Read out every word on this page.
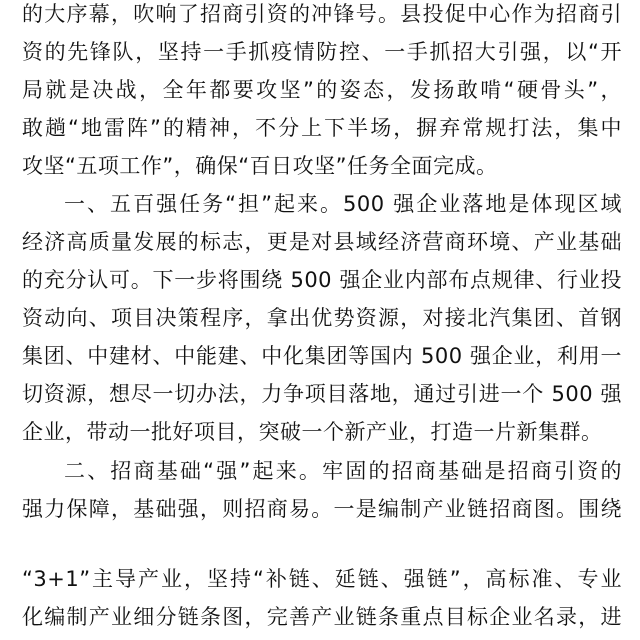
的大序幕，吹响了招商引资的冲锋号。县投促中心作为招商引
资的先锋队，坚持一手抓疫情防控、一手抓招大引强，以“开
局就是决战，全年都要攻坚”的姿态，发扬敢啃“硬骨头”，
敢趟“地雷阵”的精神，不分上下半场，摒弃常规打法，集中
攻坚“五项工作”，确保“百日攻坚”任务全面完成。
一、五百强任务“担”起来。500 强企业落地是体现区域
经济高质量发展的标志，更是对县域经济营商环境、产业基础
的充分认可。下一步将围绕 500 强企业内部布点规律、行业投
资动向、项目决策程序，拿出优势资源，对接北汽集团、首钢
集团、中建材、中能建、中化集团等国内 500 强企业，利用一
切资源，想尽一切办法，力争项目落地，通过引进一个 500 强
企业，带动一批好项目，突破一个新产业，打造一片新集群。
二、招商基础“强”起来。牢固的招商基础是招商引资的
强力保障，基础强，则招商易。一是编制产业链招商图。围绕
“3+1”主导产业，坚持“补链、延链、强链”，高标准、专业
化编制产业细分链条图，完善产业链条重点目标企业名录，进
